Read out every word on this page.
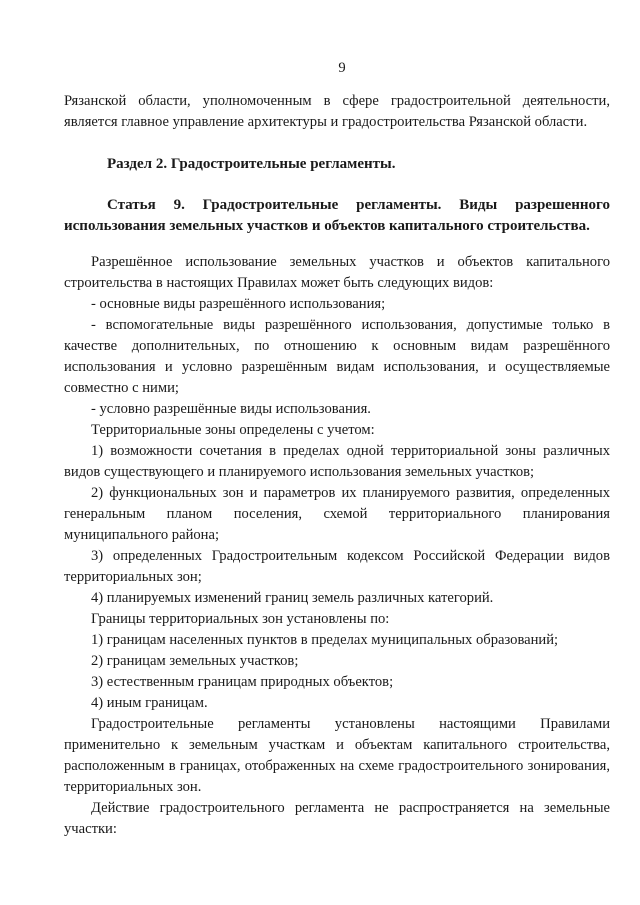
9

Рязанской области, уполномоченным в сфере градостроительной деятельности, является главное управление архитектуры и градостроительства Рязанской области.

Раздел 2. Градостроительные регламенты.

Статья 9. Градостроительные регламенты. Виды разрешенного использования земельных участков и объектов капитального строительства.

Разрешённое использование земельных участков и объектов капитального строительства в настоящих Правилах может быть следующих видов:

- основные виды разрешённого использования;

- вспомогательные виды разрешённого использования, допустимые только в качестве дополнительных, по отношению к основным видам разрешённого использования и условно разрешённым видам использования, и осуществляемые совместно с ними;

- условно разрешённые виды использования.

Территориальные зоны определены с учетом:

1) возможности сочетания в пределах одной территориальной зоны различных видов существующего и планируемого использования земельных участков;

2) функциональных зон и параметров их планируемого развития, определенных генеральным планом поселения, схемой территориального планирования муниципального района;

3) определенных Градостроительным кодексом Российской Федерации видов территориальных зон;

4) планируемых изменений границ земель различных категорий.

Границы территориальных зон установлены по:

1) границам населенных пунктов в пределах муниципальных образований;

2) границам земельных участков;

3) естественным границам природных объектов;

4) иным границам.

Градостроительные регламенты установлены настоящими Правилами применительно к земельным участкам и объектам капитального строительства, расположенным в границах, отображенных на схеме градостроительного зонирования, территориальных зон.

Действие градостроительного регламента не распространяется на земельные участки:
